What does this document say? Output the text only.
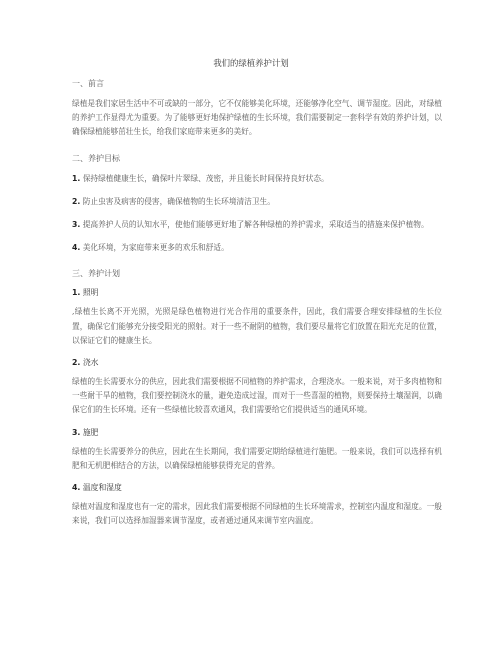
我们的绿植养护计划
一、前言
绿植是我们家居生活中不可或缺的一部分，它不仅能够美化环境，还能够净化空气、调节湿度。因此，对绿植的养护工作显得尤为重要。为了能够更好地保护绿植的生长环境，我们需要制定一套科学有效的养护计划，以确保绿植能够茁壮生长，给我们家庭带来更多的美好。
二、养护目标
1. 保持绿植健康生长，确保叶片翠绿、茂密，并且能长时间保持良好状态。
2. 防止虫害及病害的侵害，确保植物的生长环境清洁卫生。
3. 提高养护人员的认知水平，使他们能够更好地了解各种绿植的养护需求，采取适当的措施来保护植物。
4. 美化环境，为家庭带来更多的欢乐和舒适。
三、养护计划
1. 照明
,绿植生长离不开光照，光照是绿色植物进行光合作用的重要条件，因此，我们需要合理安排绿植的生长位置，确保它们能够充分接受阳光的照射。对于一些不耐阴的植物，我们要尽量将它们放置在阳光充足的位置，以保证它们的健康生长。
2. 浇水
绿植的生长需要水分的供应，因此我们需要根据不同植物的养护需求，合理浇水。一般来说，对于多肉植物和一些耐干旱的植物，我们要控制浇水的量，避免造成过湿，而对于一些喜湿的植物，则要保持土壤湿润，以确保它们的生长环境。还有一些绿植比较喜欢通风，我们需要给它们提供适当的通风环境。
3. 施肥
绿植的生长需要养分的供应，因此在生长期间，我们需要定期给绿植进行施肥。一般来说，我们可以选择有机肥和无机肥相结合的方法，以确保绿植能够获得充足的营养。
4. 温度和湿度
绿植对温度和湿度也有一定的需求，因此我们需要根据不同绿植的生长环境需求，控制室内温度和湿度。一般来说，我们可以选择加湿器来调节湿度，或者通过通风来调节室内温度。
